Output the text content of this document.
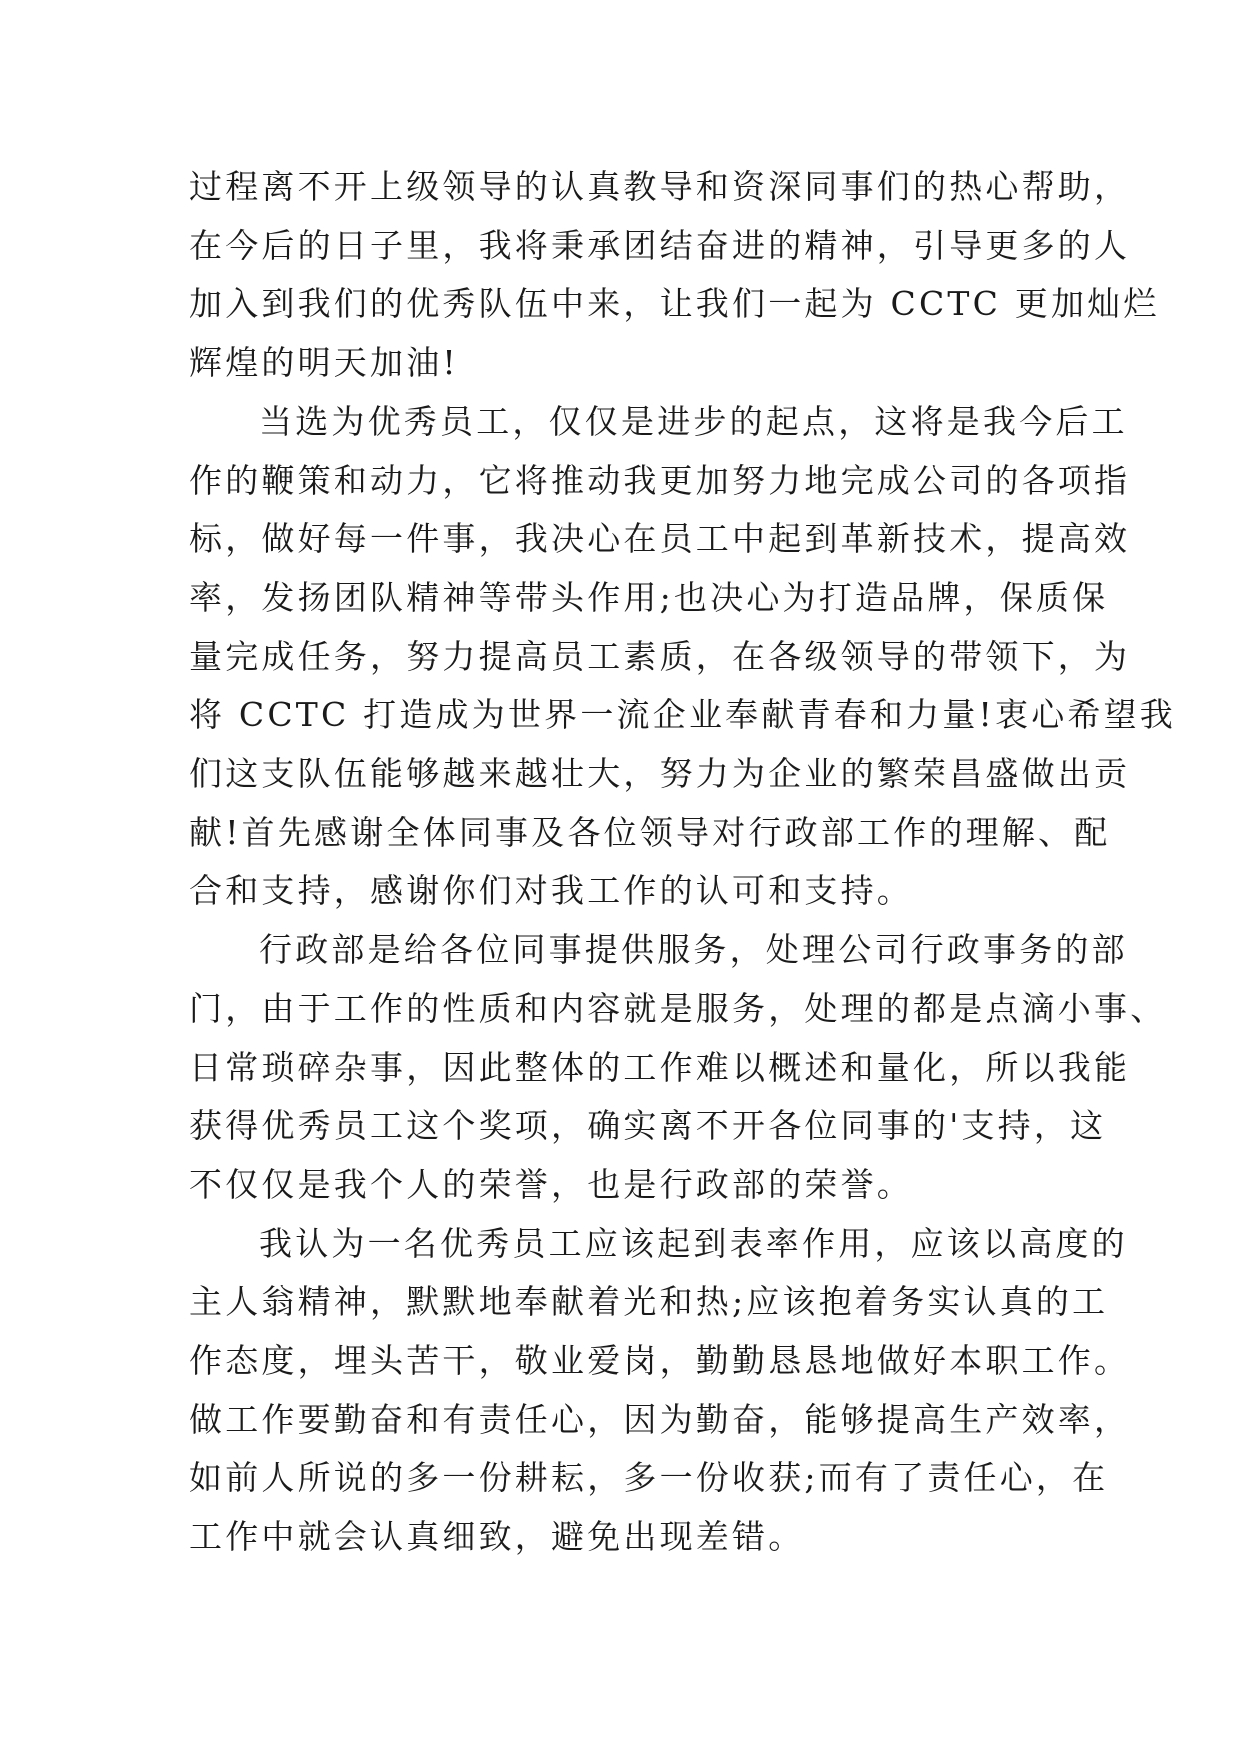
过程离不开上级领导的认真教导和资深同事们的热心帮助，
在今后的日子里，我将秉承团结奋进的精神，引导更多的人
加入到我们的优秀队伍中来，让我们一起为 CCTC 更加灿烂
辉煌的明天加油!
当选为优秀员工，仅仅是进步的起点，这将是我今后工
作的鞭策和动力，它将推动我更加努力地完成公司的各项指
标，做好每一件事，我决心在员工中起到革新技术，提高效
率，发扬团队精神等带头作用;也决心为打造品牌，保质保
量完成任务，努力提高员工素质，在各级领导的带领下，为
将 CCTC 打造成为世界一流企业奉献青春和力量!衷心希望我
们这支队伍能够越来越壮大，努力为企业的繁荣昌盛做出贡
献!首先感谢全体同事及各位领导对行政部工作的理解、配
合和支持，感谢你们对我工作的认可和支持。
行政部是给各位同事提供服务，处理公司行政事务的部
门，由于工作的性质和内容就是服务，处理的都是点滴小事、
日常琐碎杂事，因此整体的工作难以概述和量化，所以我能
获得优秀员工这个奖项，确实离不开各位同事的'支持，这
不仅仅是我个人的荣誉，也是行政部的荣誉。
我认为一名优秀员工应该起到表率作用，应该以高度的
主人翁精神，默默地奉献着光和热;应该抱着务实认真的工
作态度，埋头苦干，敬业爱岗，勤勤恳恳地做好本职工作。
做工作要勤奋和有责任心，因为勤奋，能够提高生产效率，
如前人所说的多一份耕耘，多一份收获;而有了责任心，在
工作中就会认真细致，避免出现差错。
